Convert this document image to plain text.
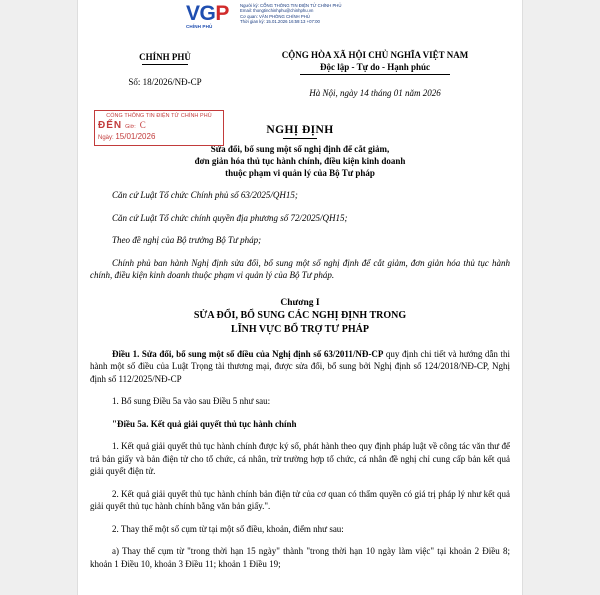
VGP
CHÍNH PHỦ
Người ký: CỔNG THÔNG TIN ĐIỆN TỬ CHÍNH PHỦ
Email: thongtinchinhphu@chinhphu.vn
Cơ quan: VĂN PHÒNG CHÍNH PHỦ
Thời gian ký: 15.01.2026 16:59:13 +07:00
CHÍNH PHỦ
Số: 18/2026/NĐ-CP
CỘNG HÒA XÃ HỘI CHỦ NGHĨA VIỆT NAM
Độc lập - Tự do - Hạnh phúc
Hà Nội, ngày 14 tháng 01 năm 2026
CỔNG THÔNG TIN ĐIỆN TỬ CHÍNH PHỦ
ĐẾN Giờ: C
Ngày: 15/01/2026
NGHỊ ĐỊNH
Sửa đổi, bổ sung một số nghị định để cắt giảm,
đơn giản hóa thủ tục hành chính, điều kiện kinh doanh
thuộc phạm vi quản lý của Bộ Tư pháp
Căn cứ Luật Tổ chức Chính phủ số 63/2025/QH15;
Căn cứ Luật Tổ chức chính quyền địa phương số 72/2025/QH15;
Theo đề nghị của Bộ trưởng Bộ Tư pháp;
Chính phủ ban hành Nghị định sửa đổi, bổ sung một số nghị định để cắt giảm, đơn giản hóa thủ tục hành chính, điều kiện kinh doanh thuộc phạm vi quản lý của Bộ Tư pháp.
Chương I
SỬA ĐỔI, BỔ SUNG CÁC NGHỊ ĐỊNH TRONG
LĨNH VỰC BỔ TRỢ TƯ PHÁP
Điều 1. Sửa đổi, bổ sung một số điều của Nghị định số 63/2011/NĐ-CP quy định chi tiết và hướng dẫn thi hành một số điều của Luật Trọng tài thương mại, được sửa đổi, bổ sung bởi Nghị định số 124/2018/NĐ-CP, Nghị định số 112/2025/NĐ-CP
1. Bổ sung Điều 5a vào sau Điều 5 như sau:
"Điều 5a. Kết quả giải quyết thủ tục hành chính
1. Kết quả giải quyết thủ tục hành chính được ký số, phát hành theo quy định pháp luật về công tác văn thư để trả bản giấy và bản điện tử cho tổ chức, cá nhân, trừ trường hợp tổ chức, cá nhân đề nghị chỉ cung cấp bản kết quả giải quyết điện tử.
2. Kết quả giải quyết thủ tục hành chính bản điện tử của cơ quan có thẩm quyền có giá trị pháp lý như kết quả giải quyết thủ tục hành chính bằng văn bản giấy.".
2. Thay thế một số cụm từ tại một số điều, khoản, điểm như sau:
a) Thay thế cụm từ "trong thời hạn 15 ngày" thành "trong thời hạn 10 ngày làm việc" tại khoản 2 Điều 8; khoản 1 Điều 10, khoản 3 Điều 11; khoản 1 Điều 19;
